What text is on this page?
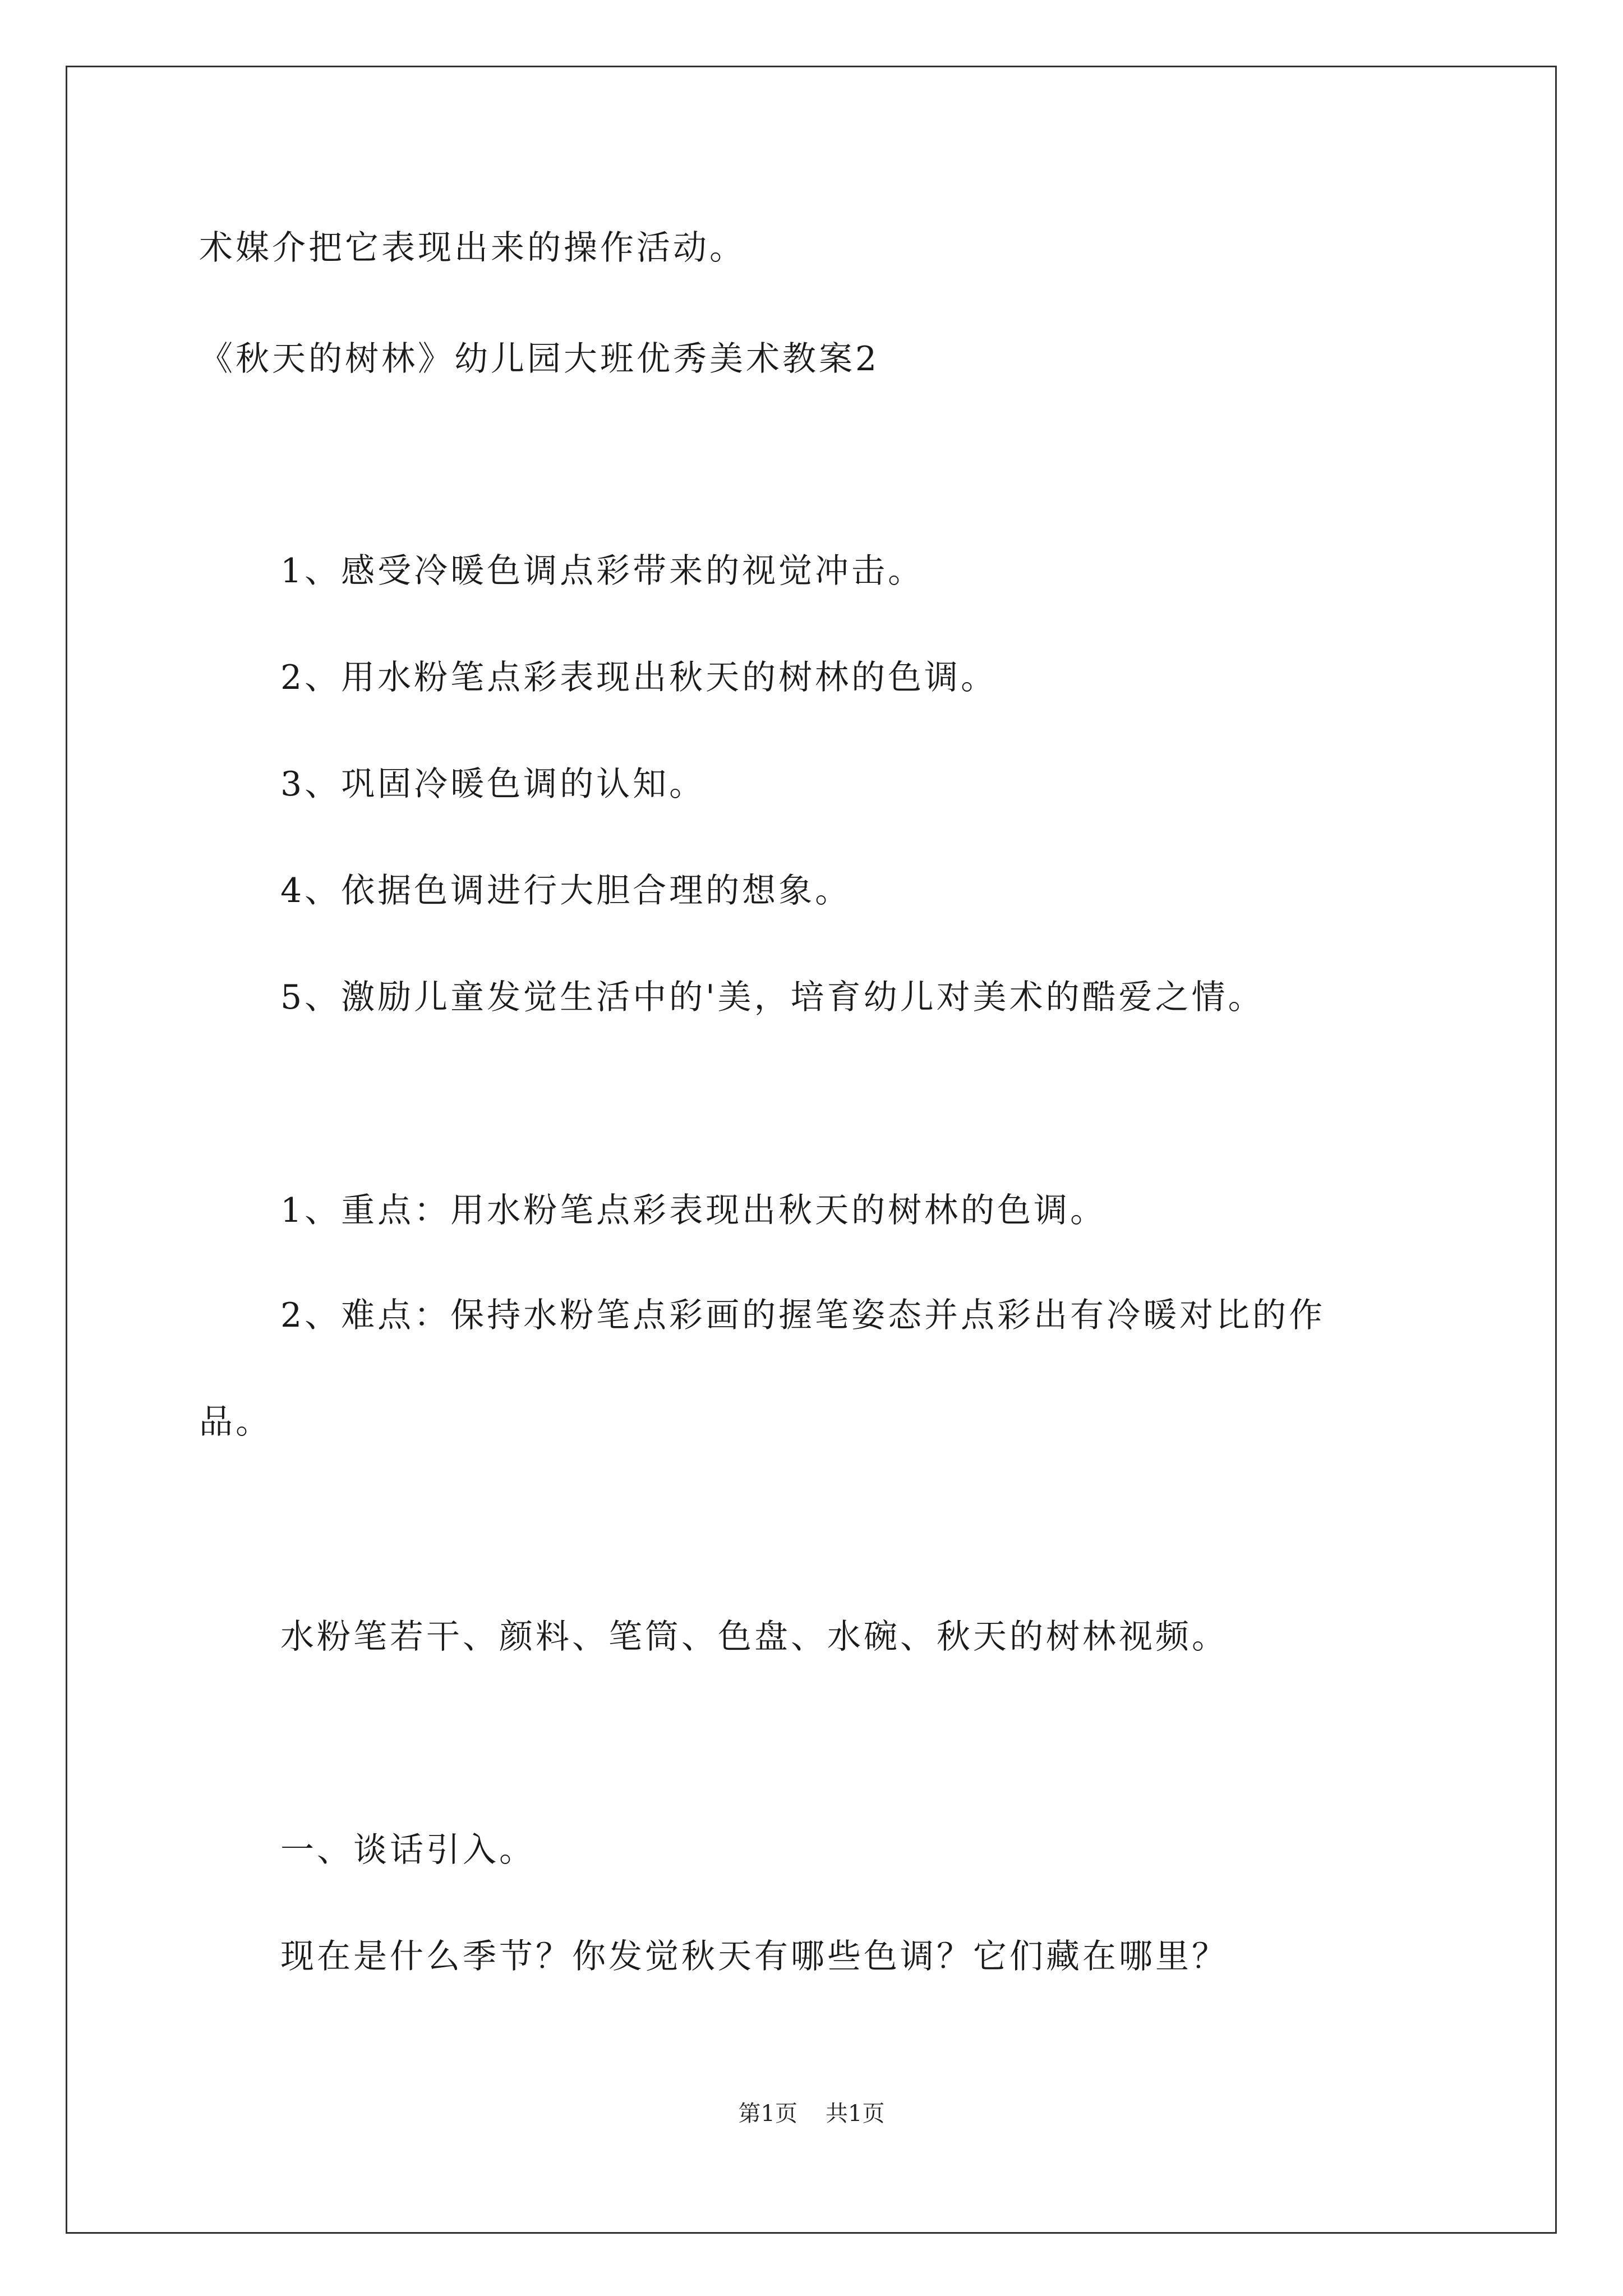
术媒介把它表现出来的操作活动。
《秋天的树林》幼儿园大班优秀美术教案2
1、感受冷暖色调点彩带来的视觉冲击。
2、用水粉笔点彩表现出秋天的树林的色调。
3、巩固冷暖色调的认知。
4、依据色调进行大胆合理的想象。
5、激励儿童发觉生活中的'美，培育幼儿对美术的酷爱之情。
1、重点：用水粉笔点彩表现出秋天的树林的色调。
2、难点：保持水粉笔点彩画的握笔姿态并点彩出有冷暖对比的作
品。
水粉笔若干、颜料、笔筒、色盘、水碗、秋天的树林视频。
一、谈话引入。
现在是什么季节？你发觉秋天有哪些色调？它们藏在哪里？
第1页 共1页
